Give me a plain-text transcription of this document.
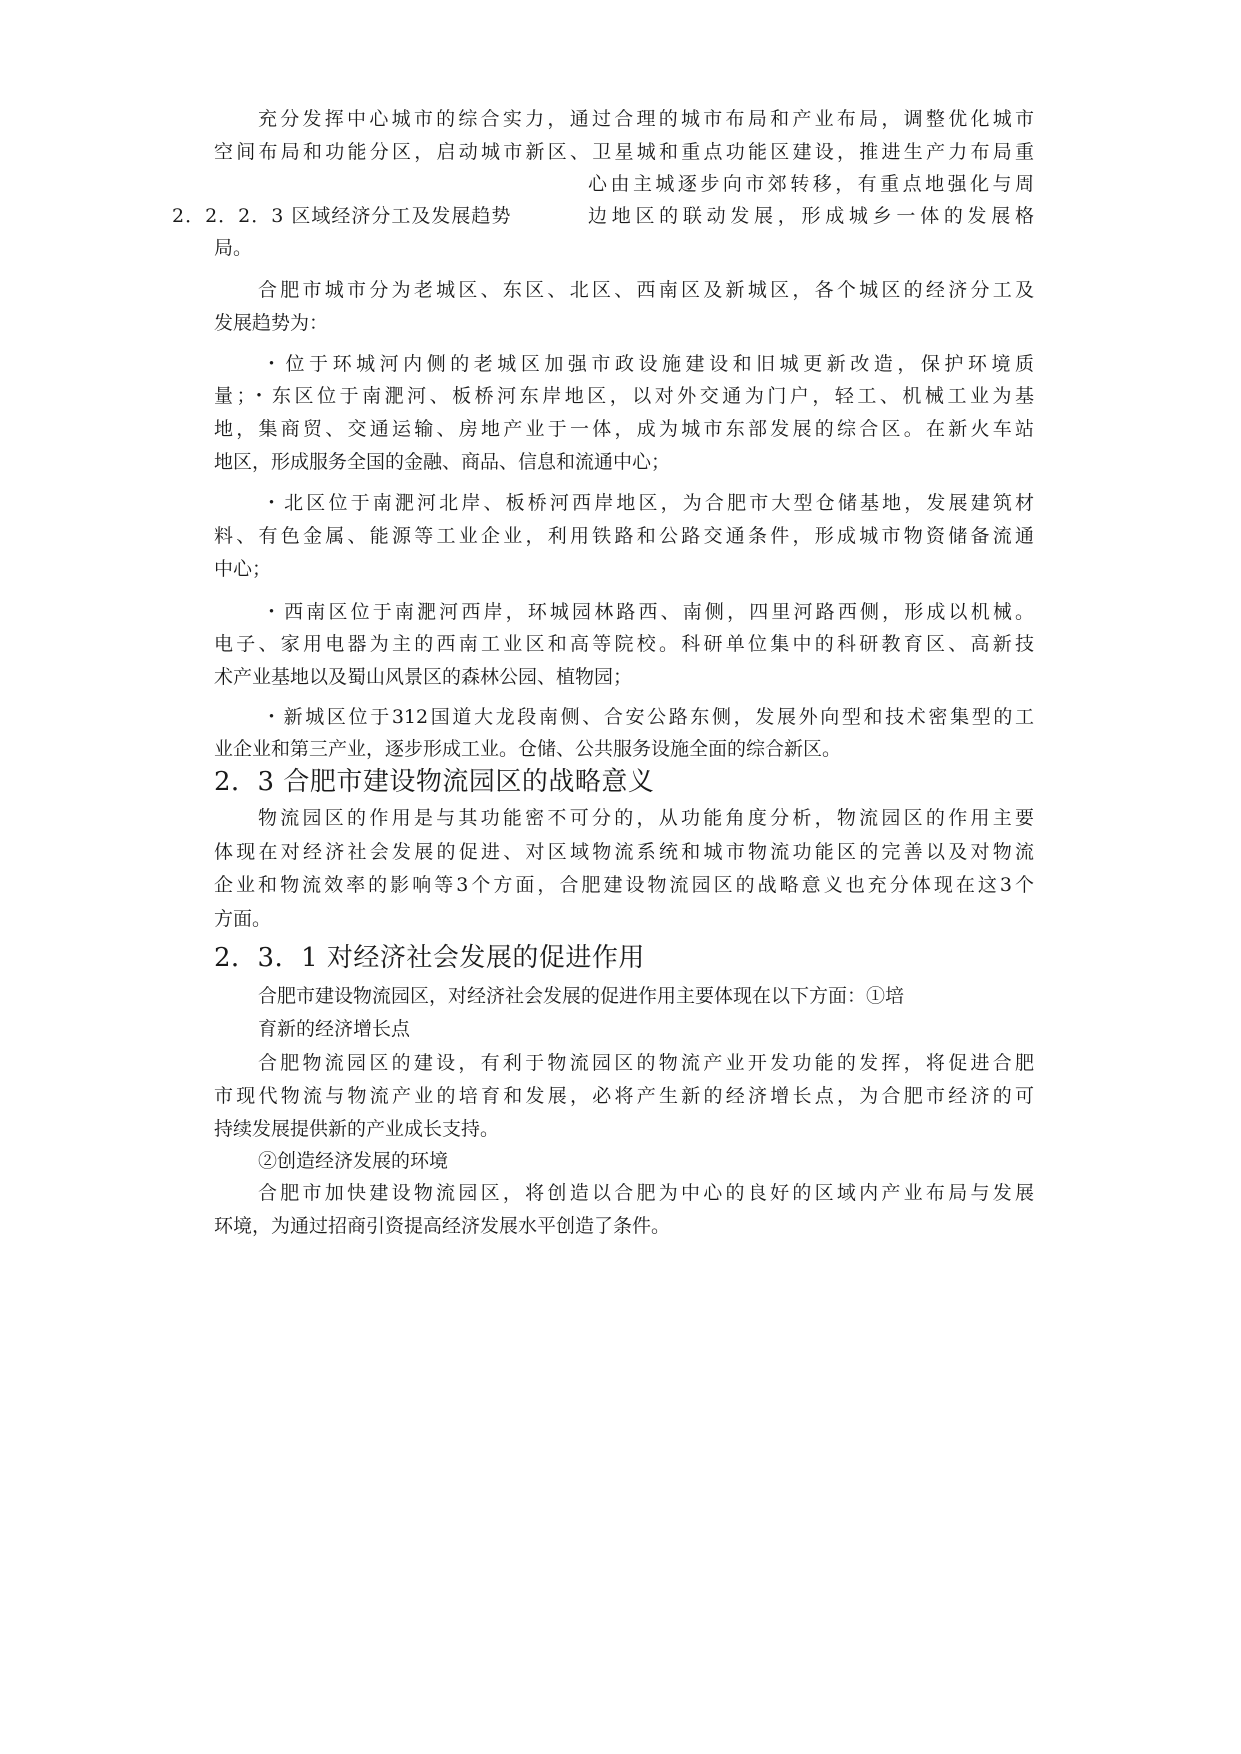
充分发挥中心城市的综合实力，通过合理的城市布局和产业布局，调整优化城市
空间布局和功能分区，启动城市新区、卫星城和重点功能区建设，推进生产力布局重
心由主城逐步向市郊转移，有重点地强化与周
2．2．2．3 区域经济分工及发展趋势	边地区的联动发展，形成城乡一体的发展格
局。
合肥市城市分为老城区、东区、北区、西南区及新城区，各个城区的经济分工及
发展趋势为：
・位于环城河内侧的老城区加强市政设施建设和旧城更新改造，保护环境质
量；・东区位于南淝河、板桥河东岸地区，以对外交通为门户，轻工、机械工业为基
地，集商贸、交通运输、房地产业于一体，成为城市东部发展的综合区。在新火车站
地区，形成服务全国的金融、商品、信息和流通中心；
・北区位于南淝河北岸、板桥河西岸地区，为合肥市大型仓储基地，发展建筑材
料、有色金属、能源等工业企业，利用铁路和公路交通条件，形成城市物资储备流通
中心；
・西南区位于南淝河西岸，环城园林路西、南侧，四里河路西侧，形成以机械。
电子、家用电器为主的西南工业区和高等院校。科研单位集中的科研教育区、高新技
术产业基地以及蜀山风景区的森林公园、植物园；
・新城区位于312国道大龙段南侧、合安公路东侧，发展外向型和技术密集型的工
业企业和第三产业，逐步形成工业。仓储、公共服务设施全面的综合新区。
2．3 合肥市建设物流园区的战略意义
物流园区的作用是与其功能密不可分的，从功能角度分析，物流园区的作用主要
体现在对经济社会发展的促进、对区域物流系统和城市物流功能区的完善以及对物流
企业和物流效率的影响等3个方面，合肥建设物流园区的战略意义也充分体现在这3个
方面。
2．3．1 对经济社会发展的促进作用
合肥市建设物流园区，对经济社会发展的促进作用主要体现在以下方面：①培
育新的经济增长点
合肥物流园区的建设，有利于物流园区的物流产业开发功能的发挥，将促进合肥
市现代物流与物流产业的培育和发展，必将产生新的经济增长点，为合肥市经济的可
持续发展提供新的产业成长支持。
②创造经济发展的环境
合肥市加快建设物流园区，将创造以合肥为中心的良好的区域内产业布局与发展
环境，为通过招商引资提高经济发展水平创造了条件。
